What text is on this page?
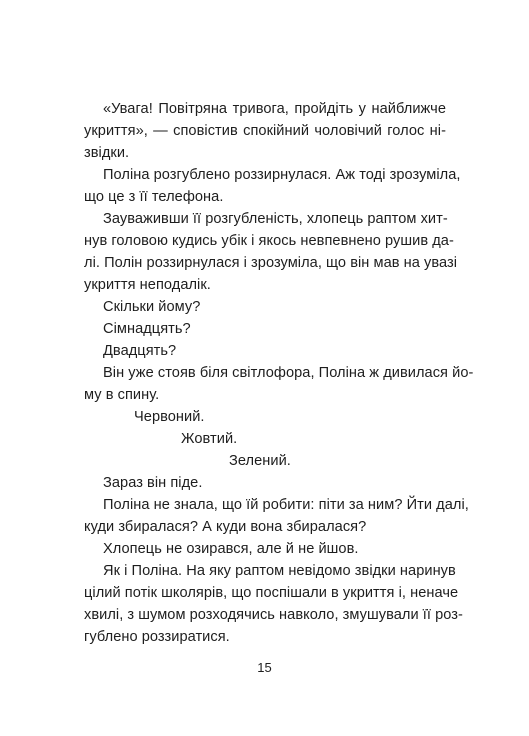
«Увага! Повітряна тривога, пройдіть у найближче
укриття», — сповістив спокійний чоловічий голос ні-
звідки.
Поліна розгублено роззирнулася. Аж тоді зрозуміла,
що це з її телефона.
Зауваживши її розгубленість, хлопець раптом хит-
нув головою кудись убік і якось невпевнено рушив да-
лі. Полін роззирнулася і зрозуміла, що він мав на увазі
укриття неподалік.
Скільки йому?
Сімнадцять?
Двадцять?
Він уже стояв біля світлофора, Поліна ж дивилася йо-
му в спину.
Червоний.
Жовтий.
Зелений.
Зараз він піде.
Поліна не знала, що їй робити: піти за ним? Йти далі,
куди збиралася? А куди вона збиралася?
Хлопець не озирався, але й не йшов.
Як і Поліна. На яку раптом невідомо звідки наринув
цілий потік школярів, що поспішали в укриття і, неначе
хвилі, з шумом розходячись навколо, змушували її роз-
гублено роззиратися.
15
